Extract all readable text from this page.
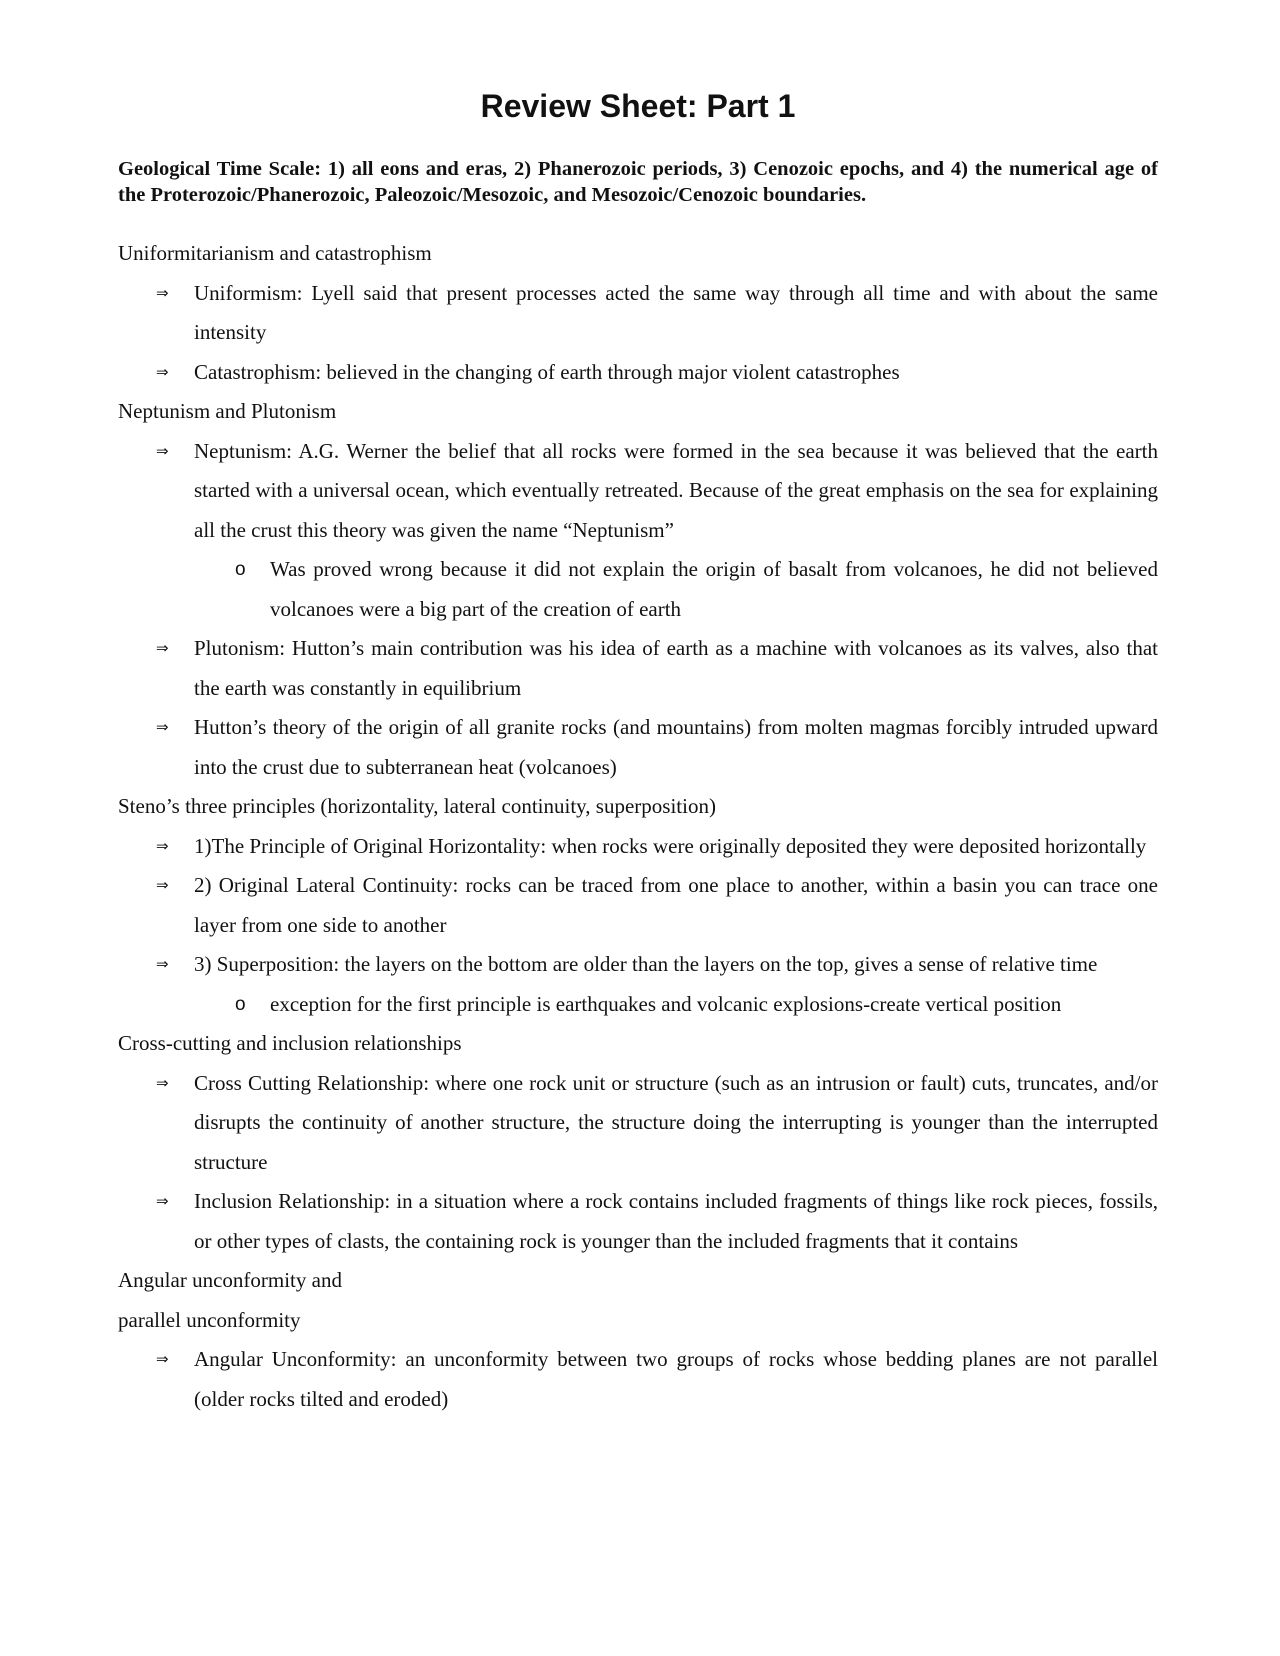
Review Sheet: Part 1
Geological Time Scale: 1) all eons and eras, 2) Phanerozoic periods, 3) Cenozoic epochs, and 4) the numerical age of the Proterozoic/Phanerozoic, Paleozoic/Mesozoic, and Mesozoic/Cenozoic boundaries.
Uniformitarianism and catastrophism
⇒ Uniformism: Lyell said that present processes acted the same way through all time and with about the same intensity
⇒ Catastrophism: believed in the changing of earth through major violent catastrophes
Neptunism and Plutonism
⇒ Neptunism: A.G. Werner the belief that all rocks were formed in the sea because it was believed that the earth started with a universal ocean, which eventually retreated. Because of the great emphasis on the sea for explaining all the crust this theory was given the name “Neptunism”
o Was proved wrong because it did not explain the origin of basalt from volcanoes, he did not believed volcanoes were a big part of the creation of earth
⇒ Plutonism: Hutton’s main contribution was his idea of earth as a machine with volcanoes as its valves, also that the earth was constantly in equilibrium
⇒ Hutton’s theory of the origin of all granite rocks (and mountains) from molten magmas forcibly intruded upward into the crust due to subterranean heat (volcanoes)
Steno’s three principles (horizontality, lateral continuity, superposition)
⇒ 1)The Principle of Original Horizontality: when rocks were originally deposited they were deposited horizontally
⇒ 2) Original Lateral Continuity: rocks can be traced from one place to another, within a basin you can trace one layer from one side to another
⇒ 3) Superposition: the layers on the bottom are older than the layers on the top, gives a sense of relative time
o exception for the first principle is earthquakes and volcanic explosions-create vertical position
Cross-cutting and inclusion relationships
⇒ Cross Cutting Relationship: where one rock unit or structure (such as an intrusion or fault) cuts, truncates, and/or disrupts the continuity of another structure, the structure doing the interrupting is younger than the interrupted structure
⇒ Inclusion Relationship: in a situation where a rock contains included fragments of things like rock pieces, fossils, or other types of clasts, the containing rock is younger than the included fragments that it contains
Angular unconformity and
parallel unconformity
⇒ Angular Unconformity: an unconformity between two groups of rocks whose bedding planes are not parallel (older rocks tilted and eroded)
